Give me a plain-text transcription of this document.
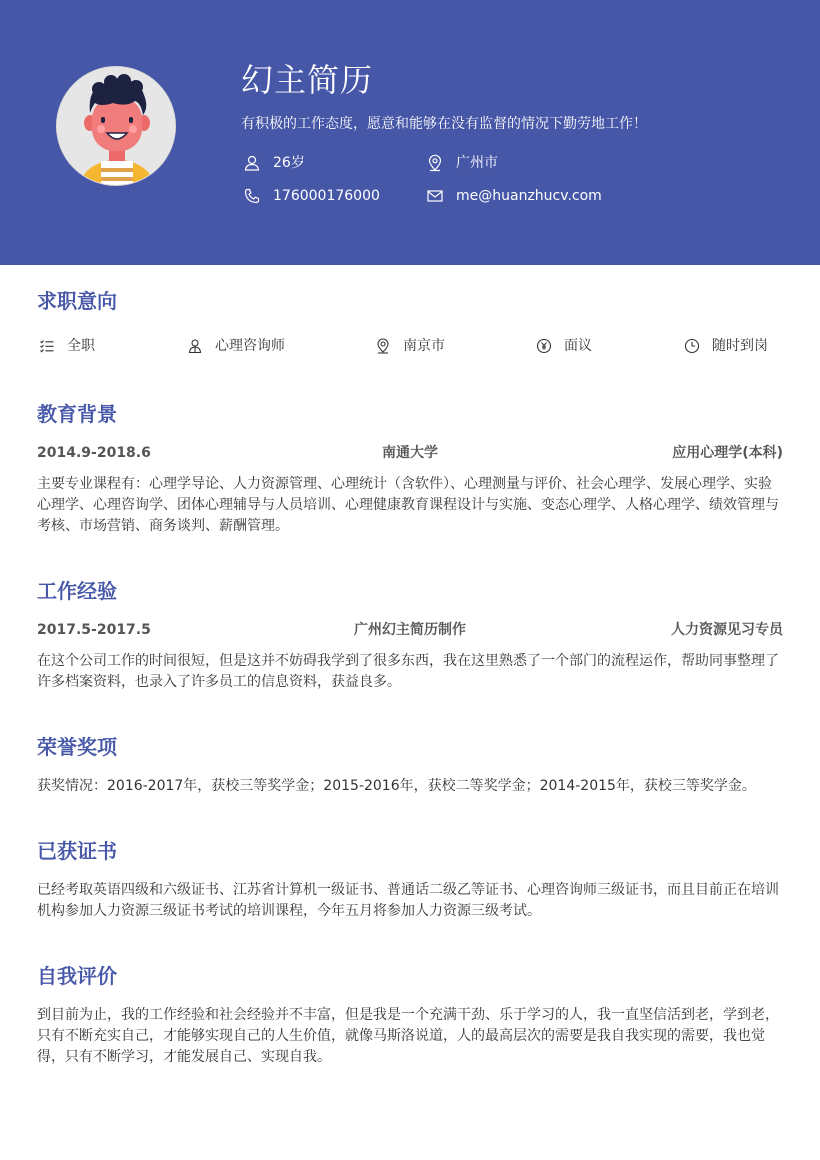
幻主简历
有积极的工作态度，愿意和能够在没有监督的情况下勤劳地工作！
26岁	广州市
176000176000	me@huanzhucv.com
求职意向
全职	心理咨询师	南京市	面议	随时到岗
教育背景
2014.9-2018.6	南通大学	应用心理学(本科)
主要专业课程有：心理学导论、人力资源管理、心理统计（含软件）、心理测量与评价、社会心理学、发展心理学、实验心理学、心理咨询学、团体心理辅导与人员培训、心理健康教育课程设计与实施、变态心理学、人格心理学、绩效管理与考核、市场营销、商务谈判、薪酬管理。
工作经验
2017.5-2017.5	广州幻主简历制作	人力资源见习专员
在这个公司工作的时间很短，但是这并不妨碍我学到了很多东西，我在这里熟悉了一个部门的流程运作，帮助同事整理了许多档案资料，也录入了许多员工的信息资料，获益良多。
荣誉奖项
获奖情况：2016-2017年，获校三等奖学金；2015-2016年，获校二等奖学金；2014-2015年，获校三等奖学金。
已获证书
已经考取英语四级和六级证书、江苏省计算机一级证书、普通话二级乙等证书、心理咨询师三级证书，而且目前正在培训机构参加人力资源三级证书考试的培训课程，今年五月将参加人力资源三级考试。
自我评价
到目前为止，我的工作经验和社会经验并不丰富，但是我是一个充满干劲、乐于学习的人，我一直坚信活到老，学到老，只有不断充实自己，才能够实现自己的人生价值，就像马斯洛说道，人的最高层次的需要是我自我实现的需要，我也觉得，只有不断学习，才能发展自己、实现自我。
